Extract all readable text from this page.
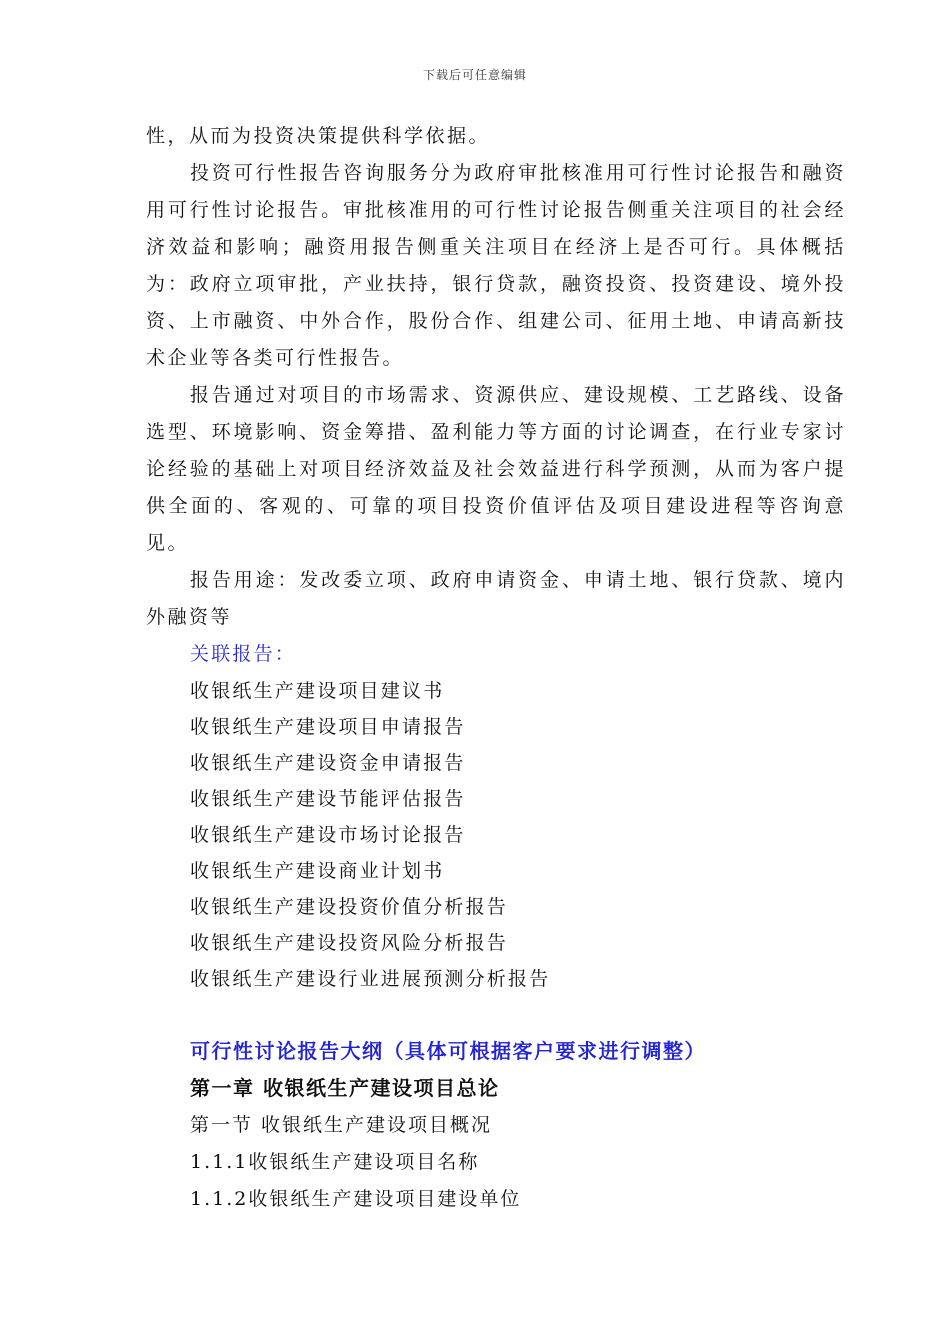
下载后可任意编辑

性，从而为投资决策提供科学依据。

投资可行性报告咨询服务分为政府审批核准用可行性讨论报告和融资用可行性讨论报告。审批核准用的可行性讨论报告侧重关注项目的社会经济效益和影响；融资用报告侧重关注项目在经济上是否可行。具体概括为：政府立项审批，产业扶持，银行贷款，融资投资、投资建设、境外投资、上市融资、中外合作，股份合作、组建公司、征用土地、申请高新技术企业等各类可行性报告。

报告通过对项目的市场需求、资源供应、建设规模、工艺路线、设备选型、环境影响、资金筹措、盈利能力等方面的讨论调查，在行业专家讨论经验的基础上对项目经济效益及社会效益进行科学预测，从而为客户提供全面的、客观的、可靠的项目投资价值评估及项目建设进程等咨询意见。

报告用途：发改委立项、政府申请资金、申请土地、银行贷款、境内外融资等

关联报告：
收银纸生产建设项目建议书
收银纸生产建设项目申请报告
收银纸生产建设资金申请报告
收银纸生产建设节能评估报告
收银纸生产建设市场讨论报告
收银纸生产建设商业计划书
收银纸生产建设投资价值分析报告
收银纸生产建设投资风险分析报告
收银纸生产建设行业进展预测分析报告
可行性讨论报告大纲（具体可根据客户要求进行调整）
第一章 收银纸生产建设项目总论
第一节 收银纸生产建设项目概况
1.1.1收银纸生产建设项目名称
1.1.2收银纸生产建设项目建设单位
